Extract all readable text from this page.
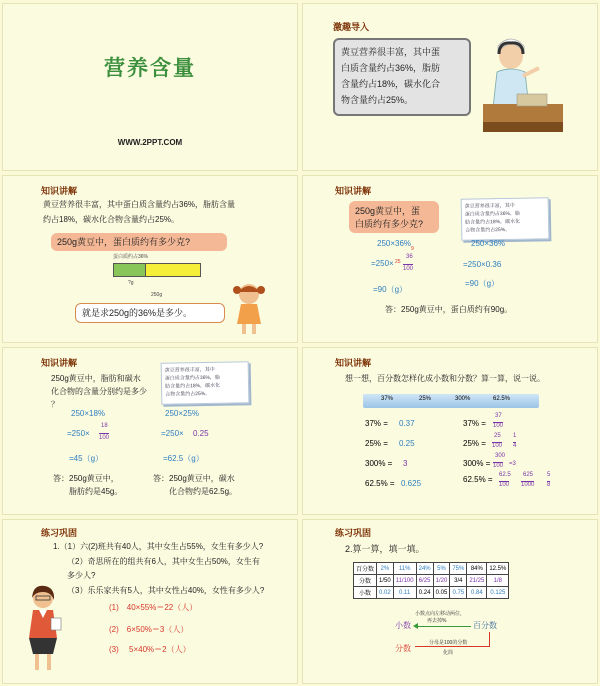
营养含量
WWW.2PPT.COM
激趣导入
黄豆营养很丰富，其中蛋
白质含量约占36%，脂肪
含量约占18%，碳水化合
物含量约占25%。
知识讲解
黄豆营养很丰富，其中蛋白质含量约占36%，脂肪含量
约占18%，碳水化合物含量约占25%。
250g黄豆中，蛋白质约有多少克?
蛋白质约占36%
?g
250g
就是求250g的36%是多少。
知识讲解
250g黄豆中，蛋
白质约有多少克?
黄豆营养很丰富，其中
蛋白质含量约占36%，脂
肪含量约占18%，碳水化
合物含量约占25%。
250×36%
=250×
36
100
9
25
=90（g）
250×36%
=250×0.36
=90（g）
答：250g黄豆中，蛋白质约有90g。
知识讲解
250g黄豆中，脂肪和碳水
化合物的含量分别约是多少
？
黄豆营养很丰富，其中
蛋白质含量约占36%，脂
肪含量约占18%，碳水化
合物含量约占25%。
250×18%
=250×
18
100
=45（g）
250×25%
=250× 0.25
=62.5（g）
答：250g黄豆中，
脂肪约是45g。
答：250g黄豆中，碳水
化合物约是62.5g。
知识讲解
想一想，百分数怎样化成小数和分数？算一算，说一说。
37%	25%	300%	62.5%
37% = 0.37
25% = 0.25
300% = 3
62.5% = 0.625
37% =
37
100
25% =
25
100
1
4
300% =
300
100 =3
62.5% = 62.5
100
625
1000
5
8
练习巩固
1.（1）六(2)班共有40人，其中女生占55%，女生有多少人?
（2）奇思所在的组共有6人，其中女生占50%，女生有
多少人?
（3）乐乐家共有5人，其中女性占40%，女性有多少人?
(1)　40×55%＝22（人）
(2)　6×50%＝3（人）
(3)　 5×40%＝2（人）
练习巩固
2.算一算，填一填。
百分数	2%	11%	24%	5%	75%	84%	12.5%
分数	1/50	11/100	6/25	1/20	3/4	21/25	1/8
小数	0.02	0.11	0.24	0.05	0.75	0.84	0.125
小数点向左移动两位，
再去掉%
小数	百分数
分母是100的分数
分数	化简
